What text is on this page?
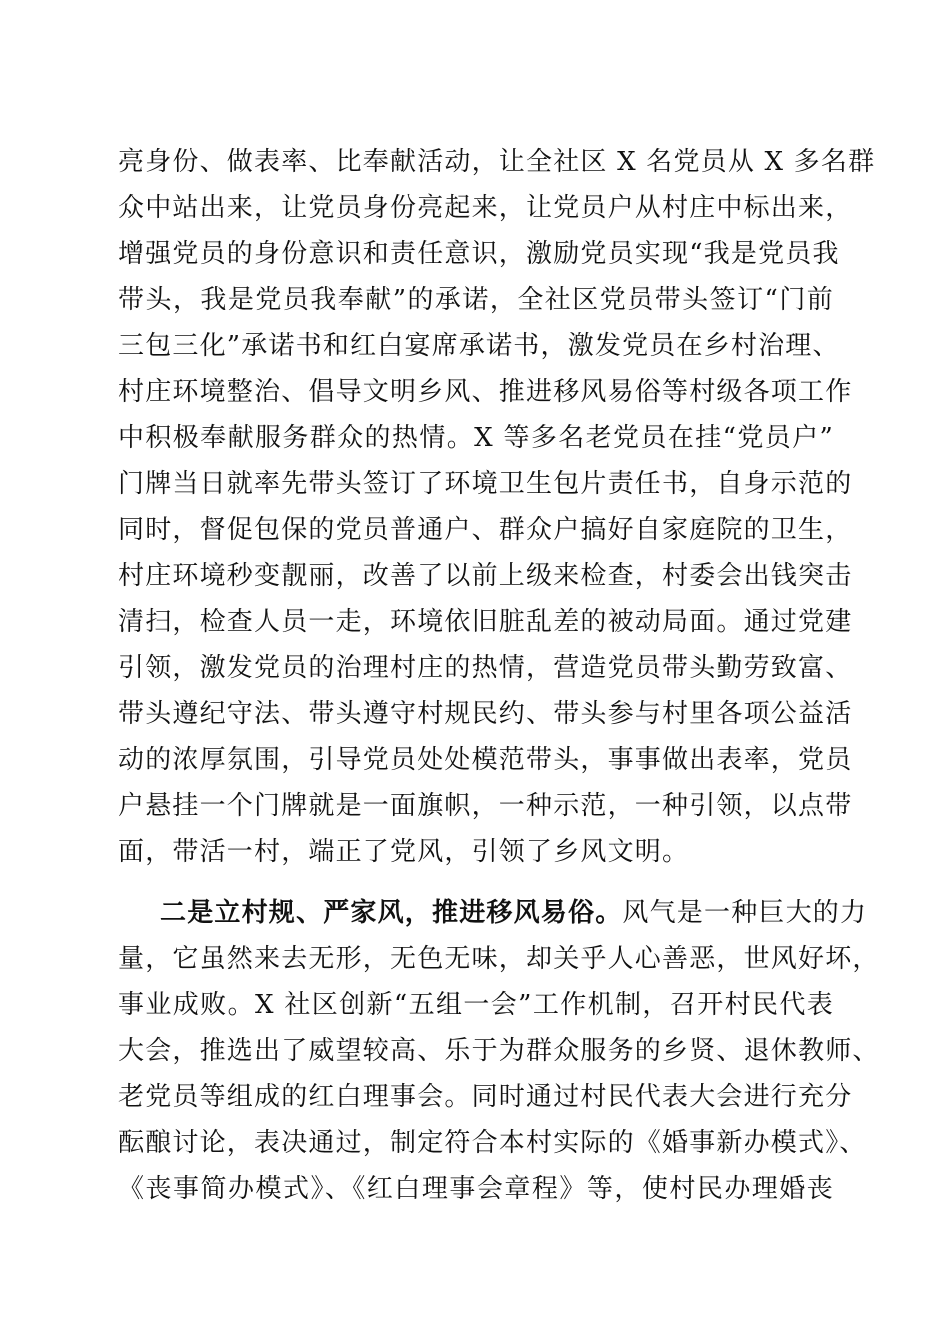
亮身份、做表率、比奉献活动，让全社区 X 名党员从 X 多名群
众中站出来，让党员身份亮起来，让党员户从村庄中标出来，
增强党员的身份意识和责任意识，激励党员实现“我是党员我
带头，我是党员我奉献”的承诺，全社区党员带头签订“门前
三包三化”承诺书和红白宴席承诺书，激发党员在乡村治理、
村庄环境整治、倡导文明乡风、推进移风易俗等村级各项工作
中积极奉献服务群众的热情。X 等多名老党员在挂“党员户”
门牌当日就率先带头签订了环境卫生包片责任书，自身示范的
同时，督促包保的党员普通户、群众户搞好自家庭院的卫生，
村庄环境秒变靓丽，改善了以前上级来检查，村委会出钱突击
清扫，检查人员一走，环境依旧脏乱差的被动局面。通过党建
引领，激发党员的治理村庄的热情，营造党员带头勤劳致富、
带头遵纪守法、带头遵守村规民约、带头参与村里各项公益活
动的浓厚氛围，引导党员处处模范带头，事事做出表率，党员
户悬挂一个门牌就是一面旗帜，一种示范，一种引领，以点带
面，带活一村，端正了党风，引领了乡风文明。
二是立村规、严家风，推进移风易俗。风气是一种巨大的力
量，它虽然来去无形，无色无味，却关乎人心善恶，世风好坏，
事业成败。X 社区创新“五组一会”工作机制，召开村民代表
大会，推选出了威望较高、乐于为群众服务的乡贤、退休教师、
老党员等组成的红白理事会。同时通过村民代表大会进行充分
酝酿讨论，表决通过，制定符合本村实际的《婚事新办模式》、
《丧事简办模式》、《红白理事会章程》等，使村民办理婚丧
